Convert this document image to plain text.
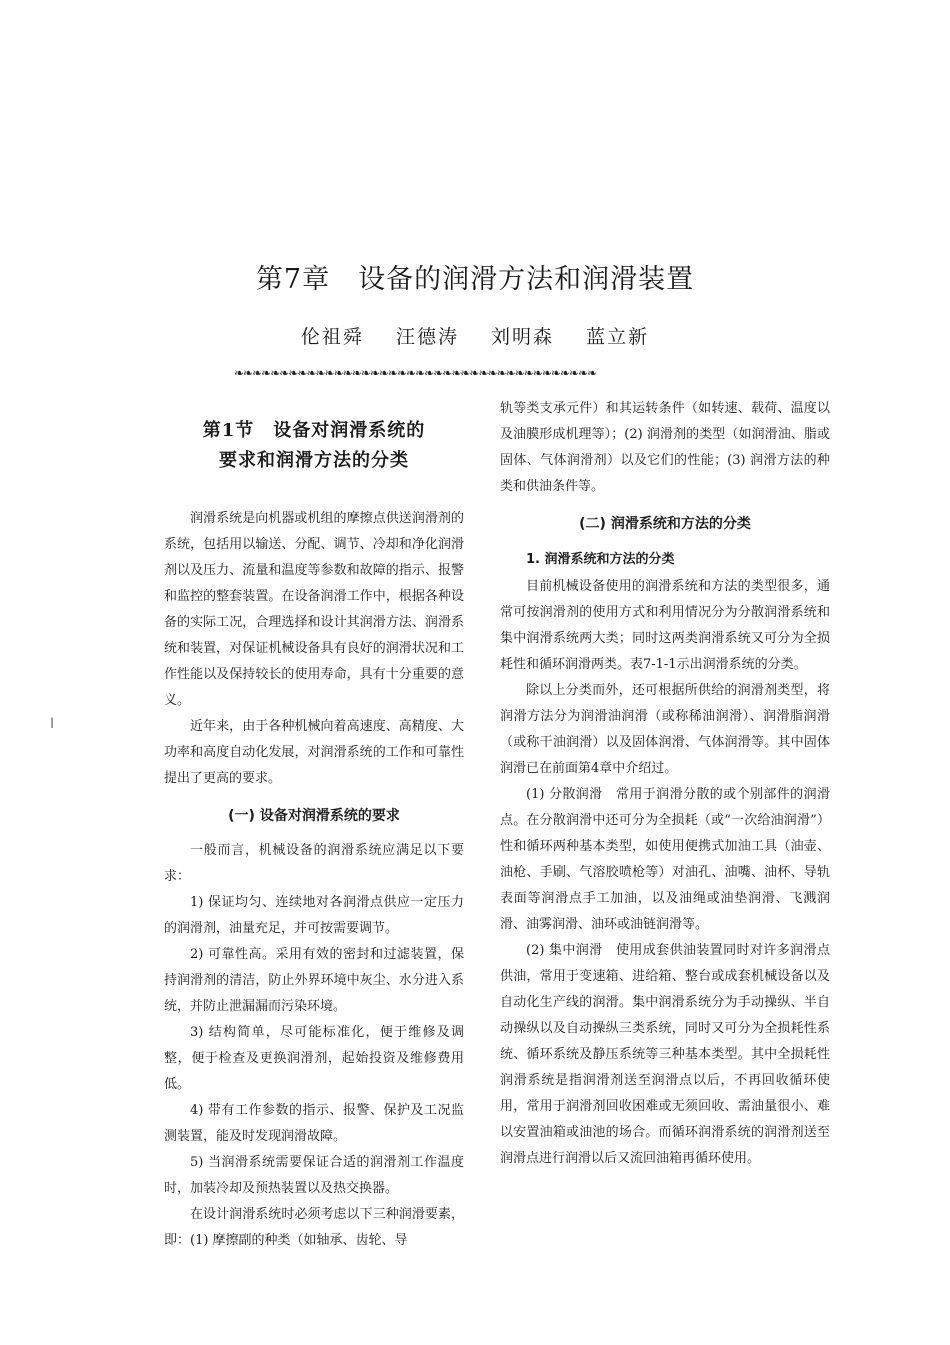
第7章　设备的润滑方法和润滑装置
伦祖舜 汪德涛 刘明森 蓝立新
❧❧❧❧❧❧❧❧❧❧❧❧❧❧❧❧❧❧❧❧❧❧❧❧❧❧❧❧❧❧❧❧❧❧❧❧❧❧❧❧
ǀ
第1节　设备对润滑系统的
要求和润滑方法的分类

润滑系统是向机器或机组的摩擦点供送润滑剂的系统，包括用以输送、分配、调节、冷却和净化润滑剂以及压力、流量和温度等参数和故障的指示、报警和监控的整套装置。在设备润滑工作中，根据各种设备的实际工况，合理选择和设计其润滑方法、润滑系统和装置，对保证机械设备具有良好的润滑状况和工作性能以及保持较长的使用寿命，具有十分重要的意义。

近年来，由于各种机械向着高速度、高精度、大功率和高度自动化发展，对润滑系统的工作和可靠性提出了更高的要求。

(一) 设备对润滑系统的要求

一般而言，机械设备的润滑系统应满足以下要求：

1) 保证均匀、连续地对各润滑点供应一定压力的润滑剂，油量充足，并可按需要调节。

2) 可靠性高。采用有效的密封和过滤装置，保持润滑剂的清洁，防止外界环境中灰尘、水分进入系统，并防止泄漏漏而污染环境。

3) 结构简单，尽可能标准化，便于维修及调整，便于检查及更换润滑剂，起始投资及维修费用低。

4) 带有工作参数的指示、报警、保护及工况监测装置，能及时发现润滑故障。

5) 当润滑系统需要保证合适的润滑剂工作温度时，加装冷却及预热装置以及热交换器。

在设计润滑系统时必须考虑以下三种润滑要素，即：(1) 摩擦副的种类（如轴承、齿轮、导

轨等类支承元件）和其运转条件（如转速、载荷、温度以及油膜形成机理等）；(2) 润滑剂的类型（如润滑油、脂或固体、气体润滑剂）以及它们的性能；(3) 润滑方法的种类和供油条件等。

(二) 润滑系统和方法的分类
1. 润滑系统和方法的分类

目前机械设备使用的润滑系统和方法的类型很多，通常可按润滑剂的使用方式和利用情况分为分散润滑系统和集中润滑系统两大类；同时这两类润滑系统又可分为全损耗性和循环润滑两类。表7-1-1示出润滑系统的分类。

除以上分类而外，还可根据所供给的润滑剂类型，将润滑方法分为润滑油润滑（或称稀油润滑）、润滑脂润滑（或称干油润滑）以及固体润滑、气体润滑等。其中固体润滑已在前面第4章中介绍过。

(1) 分散润滑　常用于润滑分散的或个别部件的润滑点。在分散润滑中还可分为全损耗（或“一次给油润滑”）性和循环两种基本类型，如使用便携式加油工具（油壶、油枪、手刷、气溶胶喷枪等）对油孔、油嘴、油杯、导轨表面等润滑点手工加油，以及油绳或油垫润滑、飞溅润滑、油雾润滑、油环或油链润滑等。

(2) 集中润滑　使用成套供油装置同时对许多润滑点供油，常用于变速箱、进给箱、整台或成套机械设备以及自动化生产线的润滑。集中润滑系统分为手动操纵、半自动操纵以及自动操纵三类系统，同时又可分为全损耗性系统、循环系统及静压系统等三种基本类型。其中全损耗性润滑系统是指润滑剂送至润滑点以后，不再回收循环使用，常用于润滑剂回收困难或无须回收、需油量很小、难以安置油箱或油池的场合。而循环润滑系统的润滑剂送至润滑点进行润滑以后又流回油箱再循环使用。
